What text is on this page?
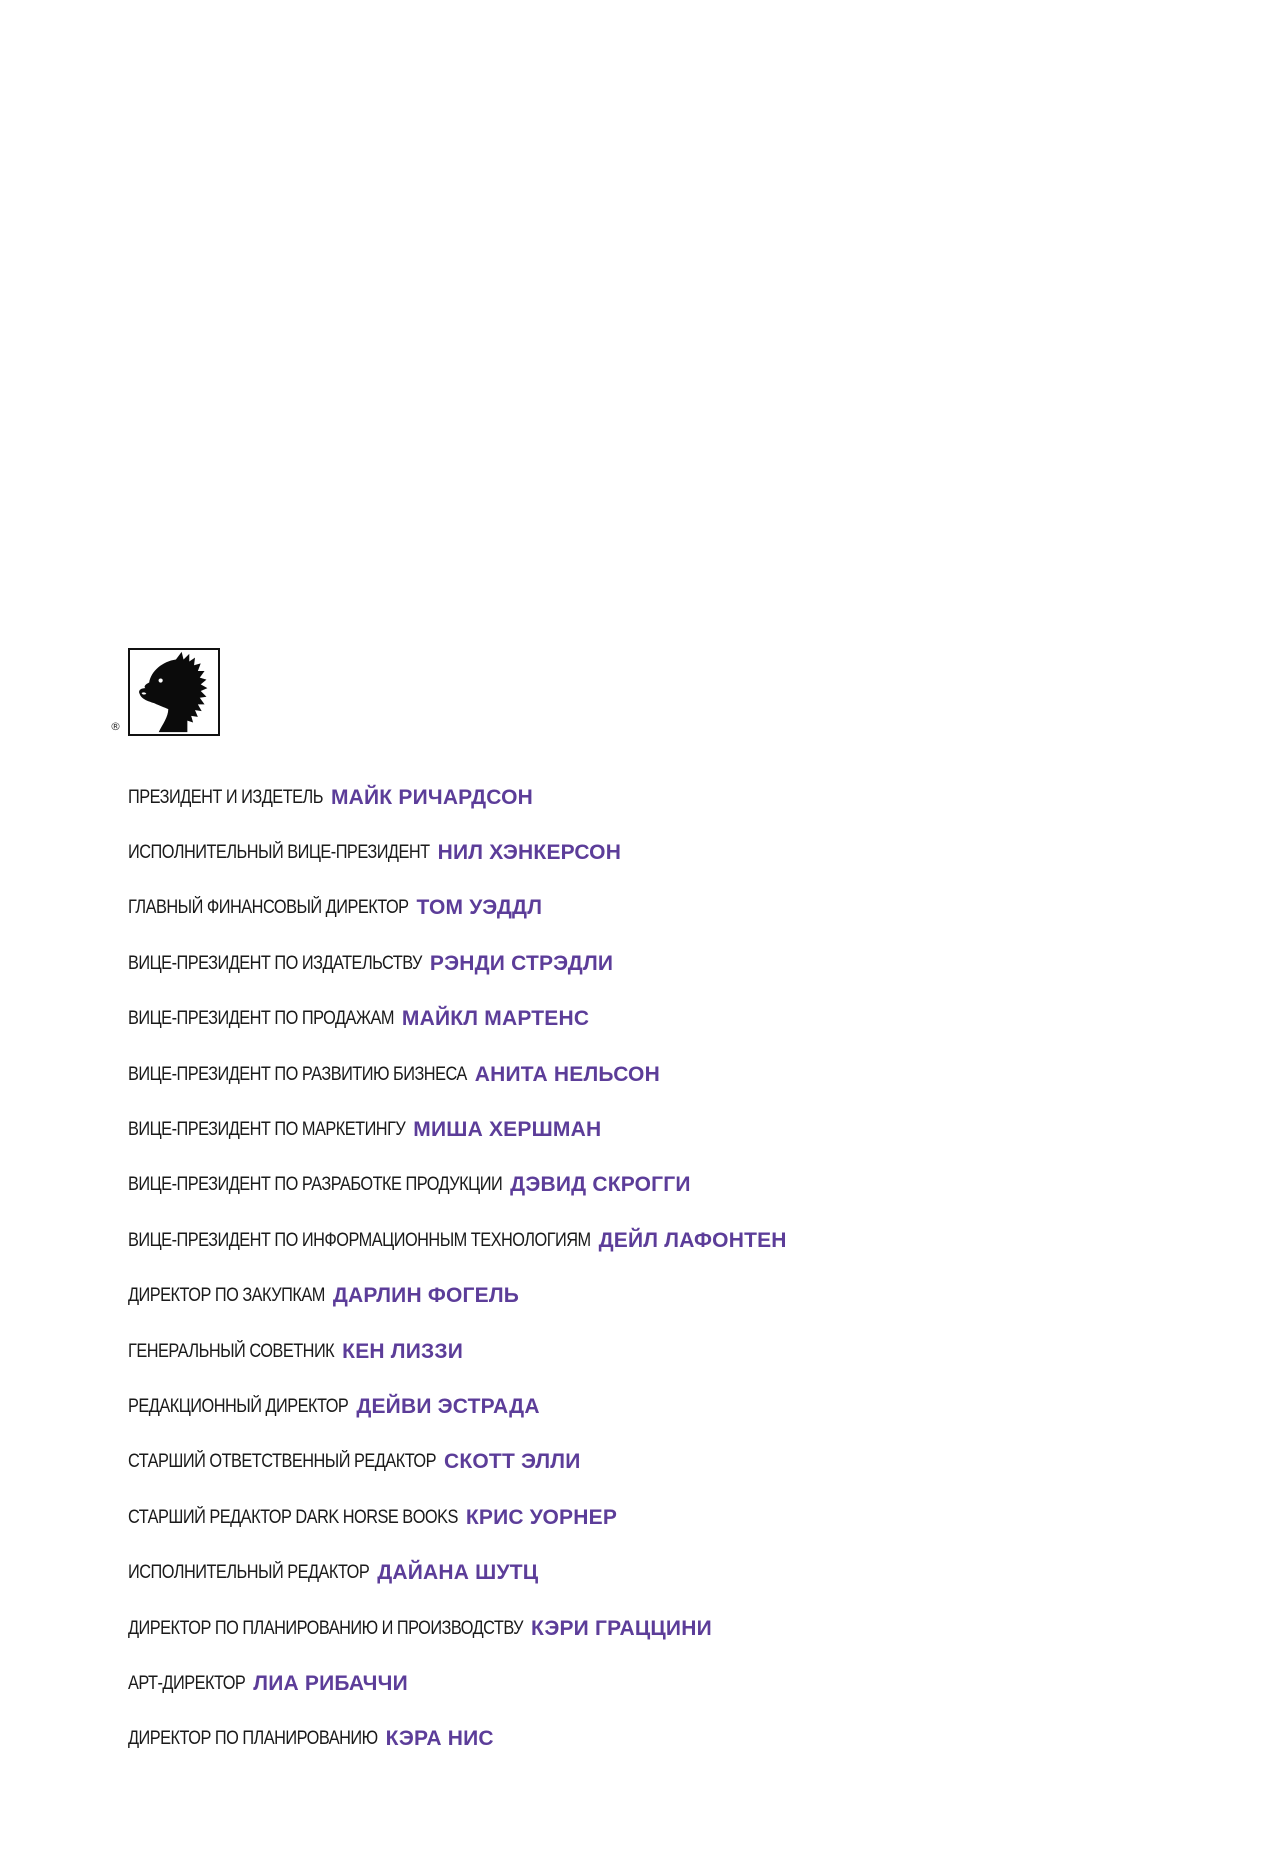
®
ПРЕЗИДЕНТ И ИЗДЕТЕЛЬ МАЙК РИЧАРДСОН
ИСПОЛНИТЕЛЬНЫЙ ВИЦЕ-ПРЕЗИДЕНТ НИЛ ХЭНКЕРСОН
ГЛАВНЫЙ ФИНАНСОВЫЙ ДИРЕКТОР ТОМ УЭДДЛ
ВИЦЕ-ПРЕЗИДЕНТ ПО ИЗДАТЕЛЬСТВУ РЭНДИ СТРЭДЛИ
ВИЦЕ-ПРЕЗИДЕНТ ПО ПРОДАЖАМ МАЙКЛ МАРТЕНС
ВИЦЕ-ПРЕЗИДЕНТ ПО РАЗВИТИЮ БИЗНЕСА АНИТА НЕЛЬСОН
ВИЦЕ-ПРЕЗИДЕНТ ПО МАРКЕТИНГУ МИША ХЕРШМАН
ВИЦЕ-ПРЕЗИДЕНТ ПО РАЗРАБОТКЕ ПРОДУКЦИИ ДЭВИД СКРОГГИ
ВИЦЕ-ПРЕЗИДЕНТ ПО ИНФОРМАЦИОННЫМ ТЕХНОЛОГИЯМ ДЕЙЛ ЛАФОНТЕН
ДИРЕКТОР ПО ЗАКУПКАМ ДАРЛИН ФОГЕЛЬ
ГЕНЕРАЛЬНЫЙ СОВЕТНИК КЕН ЛИЗЗИ
РЕДАКЦИОННЫЙ ДИРЕКТОР ДЕЙВИ ЭСТРАДА
СТАРШИЙ ОТВЕТСТВЕННЫЙ РЕДАКТОР СКОТТ ЭЛЛИ
СТАРШИЙ РЕДАКТОР DARK HORSE BOOKS КРИС УОРНЕР
ИСПОЛНИТЕЛЬНЫЙ РЕДАКТОР ДАЙАНА ШУТЦ
ДИРЕКТОР ПО ПЛАНИРОВАНИЮ И ПРОИЗВОДСТВУ КЭРИ ГРАЦЦИНИ
АРТ-ДИРЕКТОР ЛИА РИБАЧЧИ
ДИРЕКТОР ПО ПЛАНИРОВАНИЮ КЭРА НИС
